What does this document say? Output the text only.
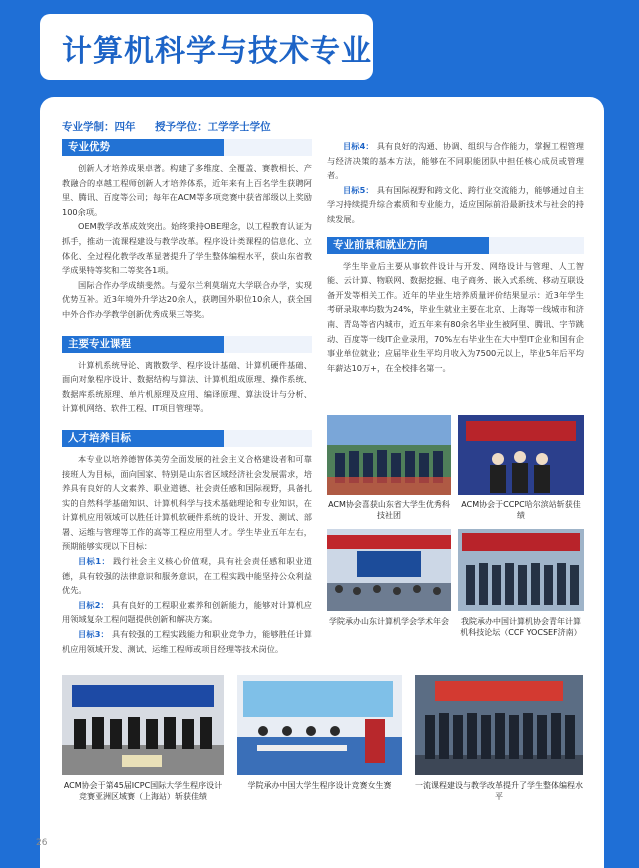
计算机科学与技术专业
专业学制：四年 授予学位：工学学士学位
专业优势

创新人才培养成果卓著。构建了多维度、全覆盖、赛教相长、产教融合的卓越工程师创新人才培养体系，近年来有上百名学生获聘阿里、腾讯、百度等公司；每年在ACM等多项竞赛中获省部级以上奖励100余项。

OEM教学改革成效突出。始终秉持OBE理念，以工程教育认证为抓手，推动一流课程建设与教学改革。程序设计类课程的信息化、立体化、全过程化教学改革显著提升了学生整体编程水平，获山东省教学成果特等奖和二等奖各1项。

国际合作办学成绩斐然。与爱尔兰利莫瑞克大学联合办学，实现优势互补。近3年境外升学达20余人，获聘国外职位10余人，获全国中外合作办学教学创新优秀成果三等奖。

主要专业课程

计算机系统导论、离散数学、程序设计基础、计算机硬件基础、面向对象程序设计、数据结构与算法、计算机组成原理、操作系统、数据库系统原理、单片机原理及应用、编译原理、算法设计与分析、计算机网络、软件工程、IT项目管理等。

人才培养目标

本专业以培养德智体美劳全面发展的社会主义合格建设者和可靠接班人为目标，面向国家、特别是山东省区域经济社会发展需求，培养具有良好的人文素养、职业道德、社会责任感和国际视野，具备扎实的自然科学基础知识、计算机科学与技术基础理论和专业知识，在计算机应用领域可以胜任计算机软硬件系统的设计、开发、测试、部署、运维与管理等工作的高等工程应用型人才。学生毕业五年左右，预期能够实现以下目标：

目标1： 践行社会主义核心价值观，具有社会责任感和职业道德，具有较强的法律意识和服务意识，在工程实践中能坚持公众利益优先。

目标2： 具有良好的工程职业素养和创新能力，能够对计算机应用领域复杂工程问题提供创新和解决方案。

目标3： 具有较强的工程实践能力和职业竞争力，能够胜任计算机应用领域开发、测试、运维工程师或项目经理等技术岗位。

目标4： 具有良好的沟通、协调、组织与合作能力，掌握工程管理与经济决策的基本方法，能够在不同职能团队中担任核心成员或管理者。

目标5： 具有国际视野和跨文化、跨行业交流能力，能够通过自主学习持续提升综合素质和专业能力，适应国际前沿最新技术与社会的持续发展。

专业前景和就业方向

学生毕业后主要从事软件设计与开发、网络设计与管理、人工智能、云计算、物联网、数据挖掘、电子商务、嵌入式系统、移动互联设备开发等相关工作。近年的毕业生培养质量评价结果显示：近3年学生考研录取率均数为24%，毕业生就业主要在北京、上海等一线城市和济南、青岛等省内城市，近五年来有80余名毕业生被阿里、腾讯、字节跳动、百度等一线IT企业录用，70%左右毕业生在大中型IT企业和国有企事业单位就业；应届毕业生平均月收入为7500元以上，毕业5年后平均年薪达10万+，在全校排名第一。

ACM协会喜获山东省大学生优秀科技社团
ACM协会于CCPC哈尔滨站斩获佳绩
学院承办山东计算机学会学术年会	我院承办中国计算机协会青年计算机科技论坛（CCF YOCSEF济南）
ACM协会于第45届ICPC国际大学生程序设计竞赛亚洲区域赛（上海站）斩获佳绩
学院承办中国大学生程序设计竞赛女生赛	一流课程建设与教学改革提升了学生整体编程水平
26
